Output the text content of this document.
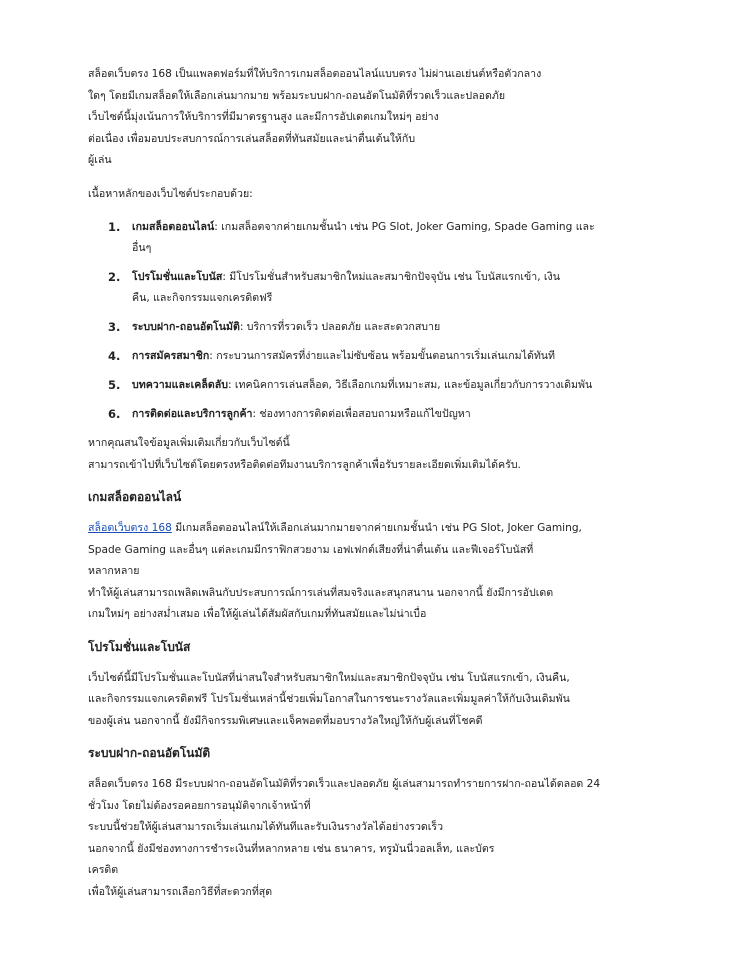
สล็อตเว็บตรง 168 เป็นแพลตฟอร์มที่ให้บริการเกมสล็อตออนไลน์แบบตรง ไม่ผ่านเอเย่นต์หรือตัวกลาง

ใดๆ โดยมีเกมสล็อตให้เลือกเล่นมากมาย พร้อมระบบฝาก-ถอนอัตโนมัติที่รวดเร็วและปลอดภัย

เว็บไซต์นี้มุ่งเน้นการให้บริการที่มีมาตรฐานสูง และมีการอัปเดตเกมใหม่ๆ อย่าง

ต่อเนื่อง เพื่อมอบประสบการณ์การเล่นสล็อตที่ทันสมัยและน่าตื่นเต้นให้กับ

ผู้เล่น

เนื้อหาหลักของเว็บไซต์ประกอบด้วย:

1. เกมสล็อตออนไลน์: เกมสล็อตจากค่ายเกมชั้นนำ เช่น PG Slot, Joker Gaming, Spade Gaming และ
อื่นๆ
2. โปรโมชั่นและโบนัส: มีโปรโมชั่นสำหรับสมาชิกใหม่และสมาชิกปัจจุบัน เช่น โบนัสแรกเข้า, เงิน
คืน, และกิจกรรมแจกเครดิตฟรี
3. ระบบฝาก-ถอนอัตโนมัติ: บริการที่รวดเร็ว ปลอดภัย และสะดวกสบาย
4. การสมัครสมาชิก: กระบวนการสมัครที่ง่ายและไม่ซับซ้อน พร้อมขั้นตอนการเริ่มเล่นเกมได้ทันที
5. บทความและเคล็ดลับ: เทคนิคการเล่นสล็อต, วิธีเลือกเกมที่เหมาะสม, และข้อมูลเกี่ยวกับการวางเดิมพัน
6. การติดต่อและบริการลูกค้า: ช่องทางการติดต่อเพื่อสอบถามหรือแก้ไขปัญหา

หากคุณสนใจข้อมูลเพิ่มเติมเกี่ยวกับเว็บไซต์นี้

สามารถเข้าไปที่เว็บไซต์โดยตรงหรือติดต่อทีมงานบริการลูกค้าเพื่อรับรายละเอียดเพิ่มเติมได้ครับ.

เกมสล็อตออนไลน์

สล็อตเว็บตรง 168 มีเกมสล็อตออนไลน์ให้เลือกเล่นมากมายจากค่ายเกมชั้นนำ เช่น PG Slot, Joker Gaming,

Spade Gaming และอื่นๆ แต่ละเกมมีกราฟิกสวยงาม เอฟเฟกต์เสียงที่น่าตื่นเต้น และฟีเจอร์โบนัสที่

หลากหลาย

ทำให้ผู้เล่นสามารถเพลิดเพลินกับประสบการณ์การเล่นที่สมจริงและสนุกสนาน นอกจากนี้ ยังมีการอัปเดต

เกมใหม่ๆ อย่างสม่ำเสมอ เพื่อให้ผู้เล่นได้สัมผัสกับเกมที่ทันสมัยและไม่น่าเบื่อ

โปรโมชั่นและโบนัส

เว็บไซต์นี้มีโปรโมชั่นและโบนัสที่น่าสนใจสำหรับสมาชิกใหม่และสมาชิกปัจจุบัน เช่น โบนัสแรกเข้า, เงินคืน,

และกิจกรรมแจกเครดิตฟรี โปรโมชั่นเหล่านี้ช่วยเพิ่มโอกาสในการชนะรางวัลและเพิ่มมูลค่าให้กับเงินเดิมพัน

ของผู้เล่น นอกจากนี้ ยังมีกิจกรรมพิเศษและแจ็คพอตที่มอบรางวัลใหญ่ให้กับผู้เล่นที่โชคดี

ระบบฝาก-ถอนอัตโนมัติ

สล็อตเว็บตรง 168 มีระบบฝาก-ถอนอัตโนมัติที่รวดเร็วและปลอดภัย ผู้เล่นสามารถทำรายการฝาก-ถอนได้ตลอด 24

ชั่วโมง โดยไม่ต้องรอคอยการอนุมัติจากเจ้าหน้าที่

ระบบนี้ช่วยให้ผู้เล่นสามารถเริ่มเล่นเกมได้ทันทีและรับเงินรางวัลได้อย่างรวดเร็ว

นอกจากนี้ ยังมีช่องทางการชำระเงินที่หลากหลาย เช่น ธนาคาร, ทรูมันนี่วอลเล็ท, และบัตร

เครดิต

เพื่อให้ผู้เล่นสามารถเลือกวิธีที่สะดวกที่สุด
